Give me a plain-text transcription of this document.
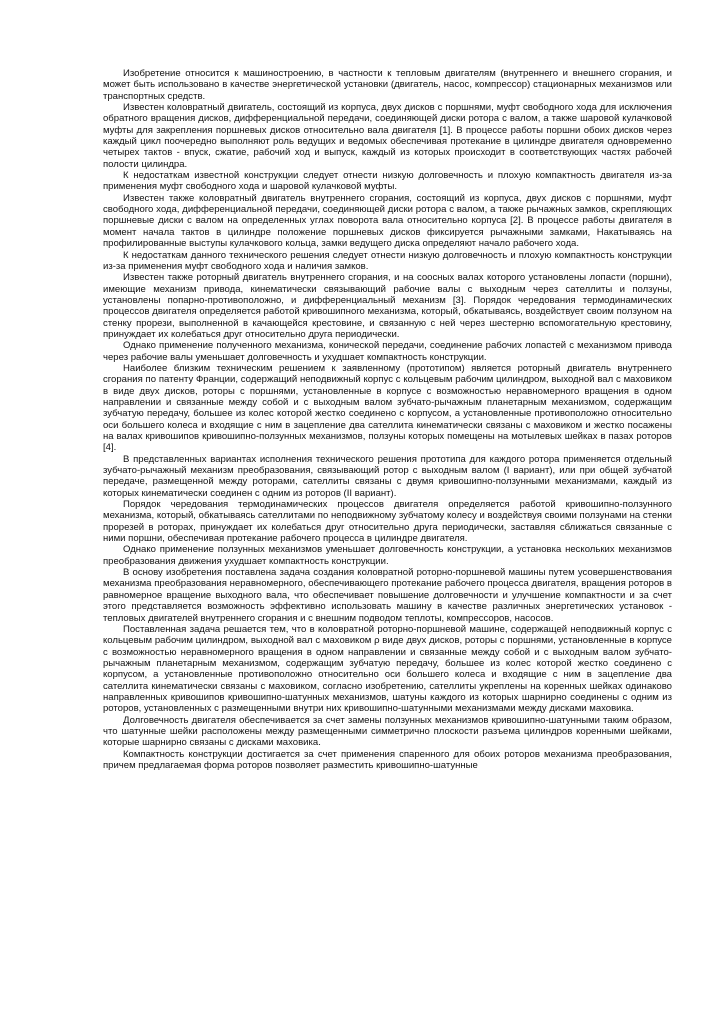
Изобретение относится к машиностроению, в частности к тепловым двигателям (внутреннего и внешнего сгорания, и может быть использовано в качестве энергетической установки (двигатель, насос, компрессор) стационарных механизмов или транспортных средств.

Известен коловратный двигатель, состоящий из корпуса, двух дисков с поршнями, муфт свободного хода для исключения обратного вращения дисков, дифференциальной передачи, соединяющей диски ротора с валом, а также шаровой кулачковой муфты для закрепления поршневых дисков относительно вала двигателя [1]. В процессе работы поршни обоих дисков через каждый цикл поочередно выполняют роль ведущих и ведомых обеспечивая протекание в цилиндре двигателя одновременно четырех тактов - впуск, сжатие, рабочий ход и выпуск, каждый из которых происходит в соответствующих частях рабочей полости цилиндра.

К недостаткам известной конструкции следует отнести низкую долговечность и плохую компактность двигателя из-за применения муфт свободного хода и шаровой кулачковой муфты.

Известен также коловратный двигатель внутреннего сгорания, состоящий из корпуса, двух дисков с поршнями, муфт свободного хода, дифференциальной передачи, соединяющей диски ротора с валом, а также рычажных замков, скрепляющих поршневые диски с валом на определенных углах поворота вала относительно корпуса [2]. В процессе работы двигателя в момент начала тактов в цилиндре положение поршневых дисков фиксируется рычажными замками, Накатываясь на профилированные выступы кулачкового кольца, замки ведущего диска определяют начало рабочего хода.

К недостаткам данного технического решения следует отнести низкую долговечность и плохую компактность конструкции из-за применения муфт свободного хода и наличия замков.

Известен также роторный двигатель внутреннего сгорания, и на соосных валах которого установлены лопасти (поршни), имеющие механизм привода, кинематически связывающий рабочие валы с выходным через сателлиты и ползуны, установлены попарно-противоположно, и дифференциальный механизм [3]. Порядок чередования термодинамических процессов двигателя определяется работой кривошипного механизма, который, обкатываясь, воздействует своим ползуном на стенку прорези, выполненной в качающейся крестовине, и связанную с ней через шестерню вспомогательную крестовину, принуждает их колебаться друг относительно друга периодически.

Однако применение полученного механизма, конической передачи, соединение рабочих лопастей с механизмом привода через рабочие валы уменьшает долговечность и ухудшает компактность конструкции.

Наиболее близким техническим решением к заявленному (прототипом) является роторный двигатель внутреннего сгорания по патенту Франции, содержащий неподвижный корпус с кольцевым рабочим цилиндром, выходной вал с маховиком в виде двух дисков, роторы с поршнями, установленные в корпусе с возможностью неравномерного вращения в одном направлении и связанные между собой и с выходным валом зубчато-рычажным планетарным механизмом, содержащим зубчатую передачу, большее из колес которой жестко соединено с корпусом, а установленные противоположно относительно оси большего колеса и входящие с ним в зацепление два сателлита кинематически связаны с маховиком и жестко посажены на валах кривошипов кривошипно-ползунных механизмов, ползуны которых помещены на мотылевых шейках в пазах роторов [4].

В представленных вариантах исполнения технического решения прототипа для каждого ротора применяется отдельный зубчато-рычажный механизм преобразования, связывающий ротор с выходным валом (I вариант), или при общей зубчатой передаче, размещенной между роторами, сателлиты связаны с двумя кривошипно-ползунными механизмами, каждый из которых кинематически соединен с одним из роторов (II вариант).

Порядок чередования термодинамических процессов двигателя определяется работой кривошипно-ползунного механизма, который, обкатываясь сателлитами по неподвижному зубчатому колесу и воздействуя своими ползунами на стенки прорезей в роторах, принуждает их колебаться друг относительно друга периодически, заставляя сближаться связанные с ними поршни, обеспечивая протекание рабочего процесса в цилиндре двигателя.

Однако применение ползунных механизмов уменьшает долговечность конструкции, а установка нескольких механизмов преобразования движения ухудшает компактность конструкции.

В основу изобретения поставлена задача создания коловратной роторно-поршневой машины путем усовершенствования механизма преобразования неравномерного, обеспечивающего протекание рабочего процесса двигателя, вращения роторов в равномерное вращение выходного вала, что обеспечивает повышение долговечности и улучшение компактности и за счет этого представляется возможность эффективно использовать машину в качестве различных энергетических установок - тепловых двигателей внутреннего сгорания и с внешним подводом теплоты, компрессоров, насосов.

Поставленная задача решается тем, что в коловратной роторно-поршневой машине, содержащей неподвижный корпус с кольцевым рабочим цилиндром, выходной вал с маховиком ρ виде двух дисков, роторы с поршнями, установленные в корпусе с возможностью неравномерного вращения в одном направлении и связанные между собой и с выходным валом зубчато-рычажным планетарным механизмом, содержащим зубчатую передачу, большее из колес которой жестко соединено с корпусом, а установленные противоположно относительно оси большего колеса и входящие с ним в зацепление два сателлита кинематически связаны с маховиком, согласно изобретению, сателлиты укреплены на коренных шейках одинаково направленных кривошипов кривошипно-шатунных механизмов, шатуны каждого из которых шарнирно соединены с одним из роторов, установленных с размещенными внутри них кривошипно-шатунными механизмами между дисками маховика.

Долговечность двигателя обеспечивается за счет замены ползунных механизмов кривошипно-шатунными таким образом, что шатунные шейки расположены между размещенными симметрично плоскости разъема цилиндров коренными шейками, которые шарнирно связаны с дисками маховика.

Компактность конструкции достигается за счет применения спаренного для обоих роторов механизма преобразования, причем предлагаемая форма роторов позволяет разместить кривошипно-шатунные
